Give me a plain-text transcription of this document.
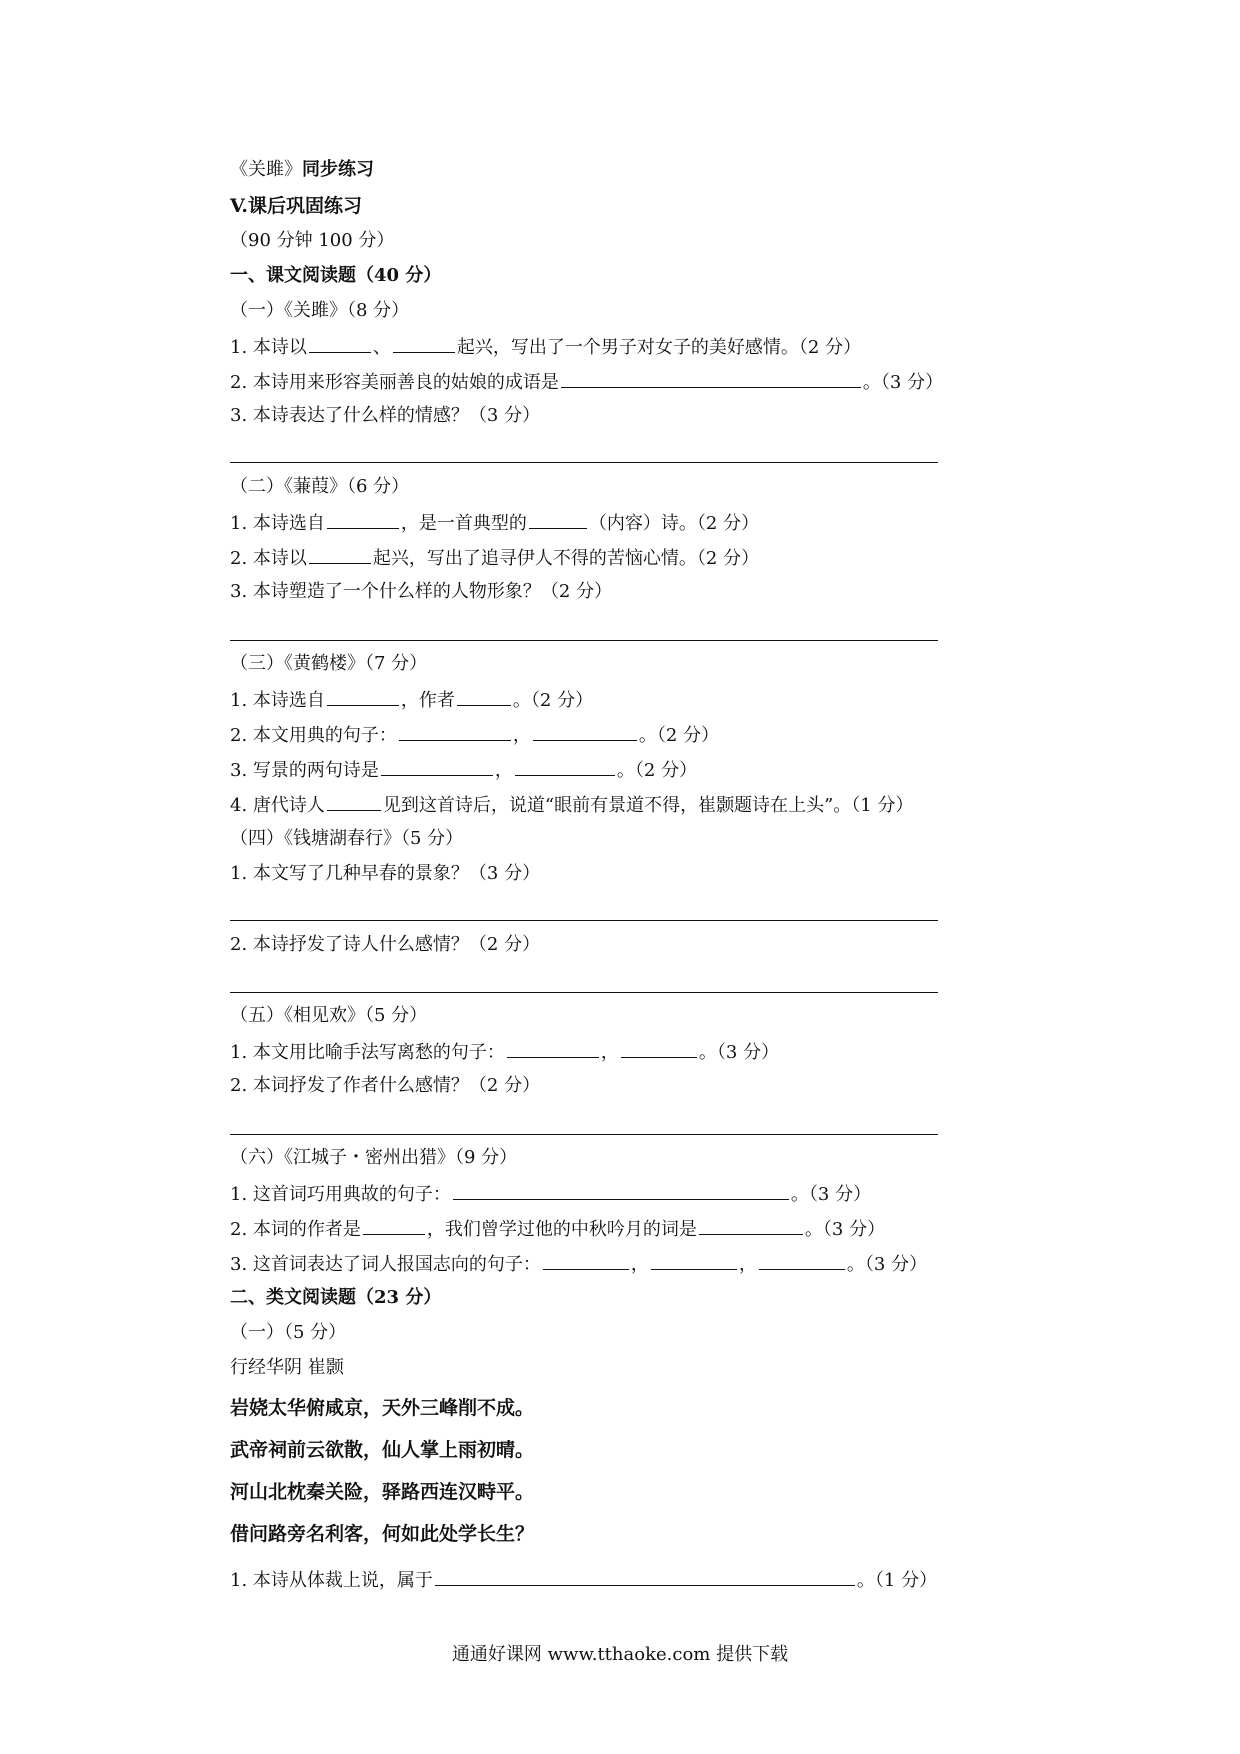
《关雎》同步练习
V.课后巩固练习
（90 分钟 100 分）
一、课文阅读题（40 分）
（一）《关雎》（8 分）
1. 本诗以	、	起兴，写出了一个男子对女子的美好感情。（2 分）
2. 本诗用来形容美丽善良的姑娘的成语是	。（3 分）
3. 本诗表达了什么样的情感？（3 分）
（二）《蒹葭》（6 分）
1. 本诗选自	，是一首典型的	（内容）诗。（2 分）
2. 本诗以	起兴，写出了追寻伊人不得的苦恼心情。（2 分）
3. 本诗塑造了一个什么样的人物形象？（2 分）
（三）《黄鹤楼》（7 分）
1. 本诗选自	，作者	。（2 分）
2. 本文用典的句子：	，	。（2 分）
3. 写景的两句诗是	，	。（2 分）
4. 唐代诗人	见到这首诗后，说道“眼前有景道不得，崔颢题诗在上头”。（1 分）
（四）《钱塘湖春行》（5 分）
1. 本文写了几种早春的景象？（3 分）
2. 本诗抒发了诗人什么感情？（2 分）
（五）《相见欢》（5 分）
1. 本文用比喻手法写离愁的句子：	，	。（3 分）
2. 本词抒发了作者什么感情？（2 分）
（六）《江城子・密州出猎》（9 分）
1. 这首词巧用典故的句子：	。（3 分）
2. 本词的作者是	，我们曾学过他的中秋吟月的词是	。（3 分）
3. 这首词表达了词人报国志向的句子：	，	，	。（3 分）
二、类文阅读题（23 分）
（一）（5 分）
行经华阴 崔颢
岩娆太华俯咸京，天外三峰削不成。
武帝祠前云欲散，仙人掌上雨初晴。
河山北枕秦关险，驿路西连汉畤平。
借问路旁名利客，何如此处学长生？
1. 本诗从体裁上说，属于	。（1 分）
通通好课网 www.tthaoke.com 提供下载
